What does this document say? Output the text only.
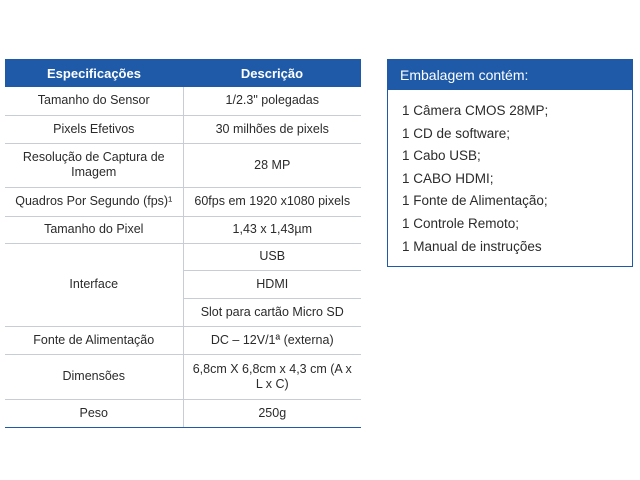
Especificações	Descrição
Tamanho do Sensor	1/2.3" polegadas
Pixels Efetivos	30 milhões de pixels
Resolução de Captura de Imagem	28 MP
Quadros Por Segundo (fps)¹	60fps em 1920 x1080 pixels
Tamanho do Pixel	1,43 x 1,43µm
Interface	USB
	HDMI
	Slot para cartão Micro SD
Fonte de Alimentação	DC – 12V/1ª (externa)
Dimensões	6,8cm X 6,8cm x 4,3 cm (A x L x C)
Peso	250g
Embalagem contém:
1 Câmera CMOS 28MP;
1 CD de software;
1 Cabo USB;
1 CABO HDMI;
1 Fonte de Alimentação;
1 Controle Remoto;
1 Manual de instruções
